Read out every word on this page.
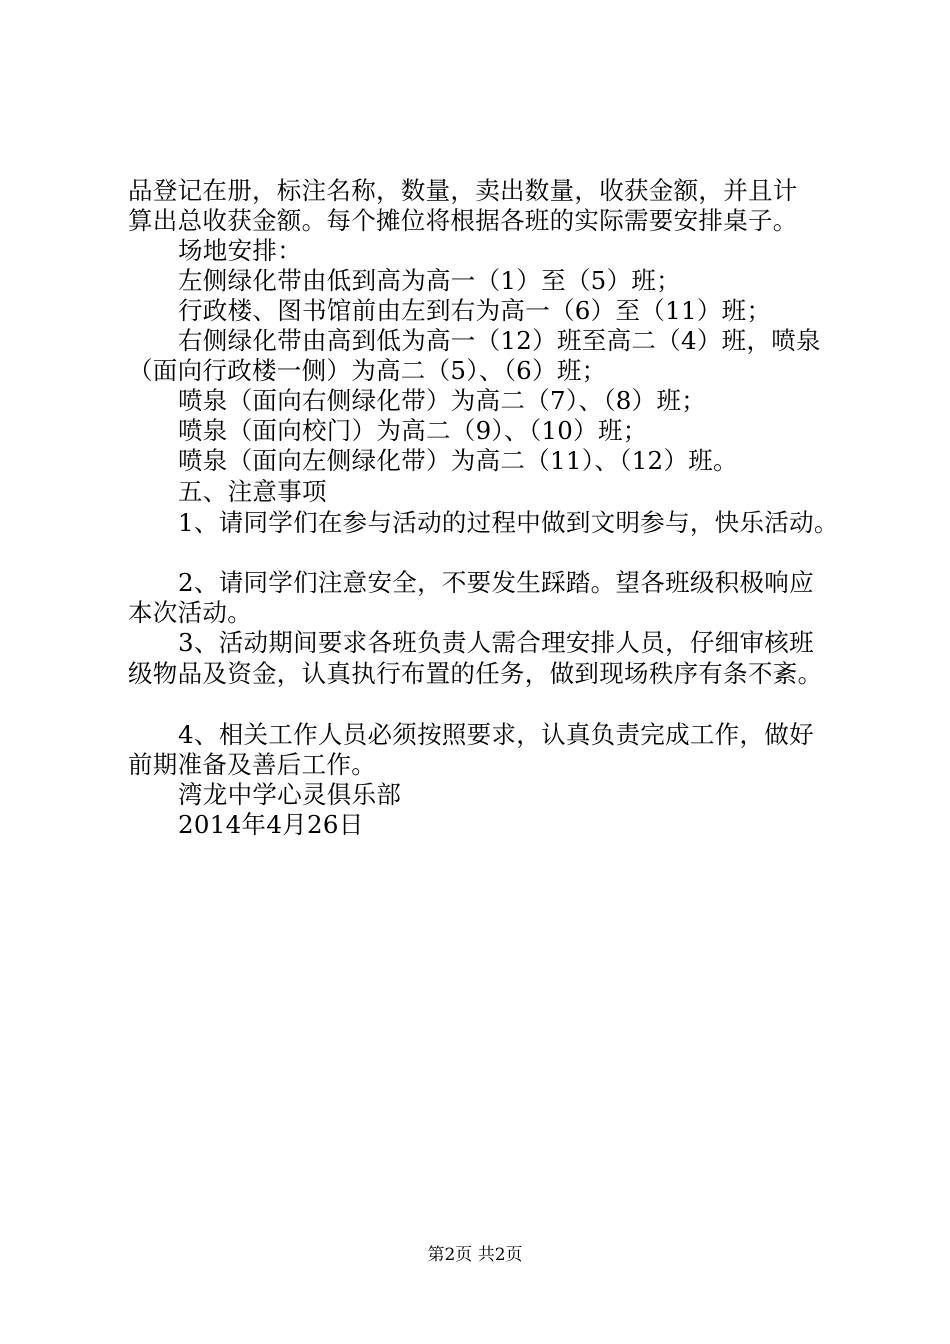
品登记在册，标注名称，数量，卖出数量，收获金额，并且计
算出总收获金额。每个摊位将根据各班的实际需要安排桌子。
场地安排：
左侧绿化带由低到高为高一（1）至（5）班；
行政楼、图书馆前由左到右为高一（6）至（11）班；
右侧绿化带由高到低为高一（12）班至高二（4）班，喷泉
（面向行政楼一侧）为高二（5）、（6）班；
喷泉（面向右侧绿化带）为高二（7）、（8）班；
喷泉（面向校门）为高二（9）、（10）班；
喷泉（面向左侧绿化带）为高二（11）、（12）班。
五、注意事项
1、请同学们在参与活动的过程中做到文明参与，快乐活动。
2、请同学们注意安全，不要发生踩踏。望各班级积极响应
本次活动。
3、活动期间要求各班负责人需合理安排人员，仔细审核班
级物品及资金，认真执行布置的任务，做到现场秩序有条不紊。
4、相关工作人员必须按照要求，认真负责完成工作，做好
前期准备及善后工作。
湾龙中学心灵俱乐部
2014年4月26日
第2页 共2页
